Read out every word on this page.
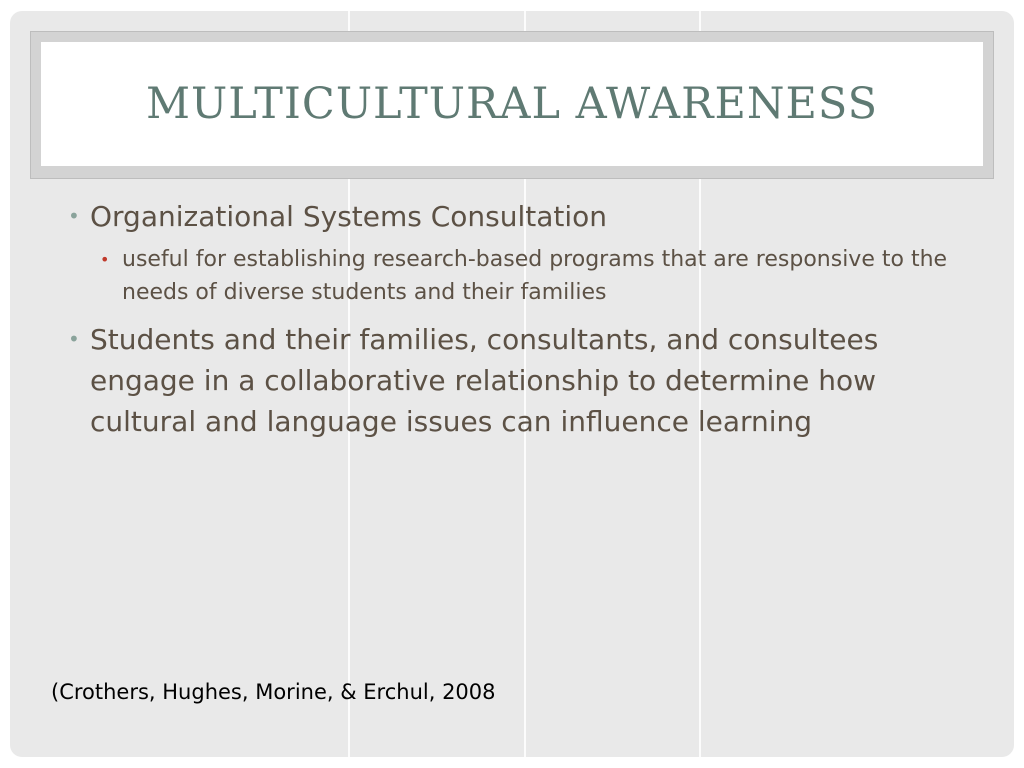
MULTICULTURAL AWARENESS
• Organizational Systems Consultation
• useful for establishing research-based programs that are responsive to the needs of diverse students and their families
• Students and their families, consultants, and consultees engage in a collaborative relationship to determine how cultural and language issues can influence learning
(Crothers, Hughes, Morine, & Erchul, 2008
